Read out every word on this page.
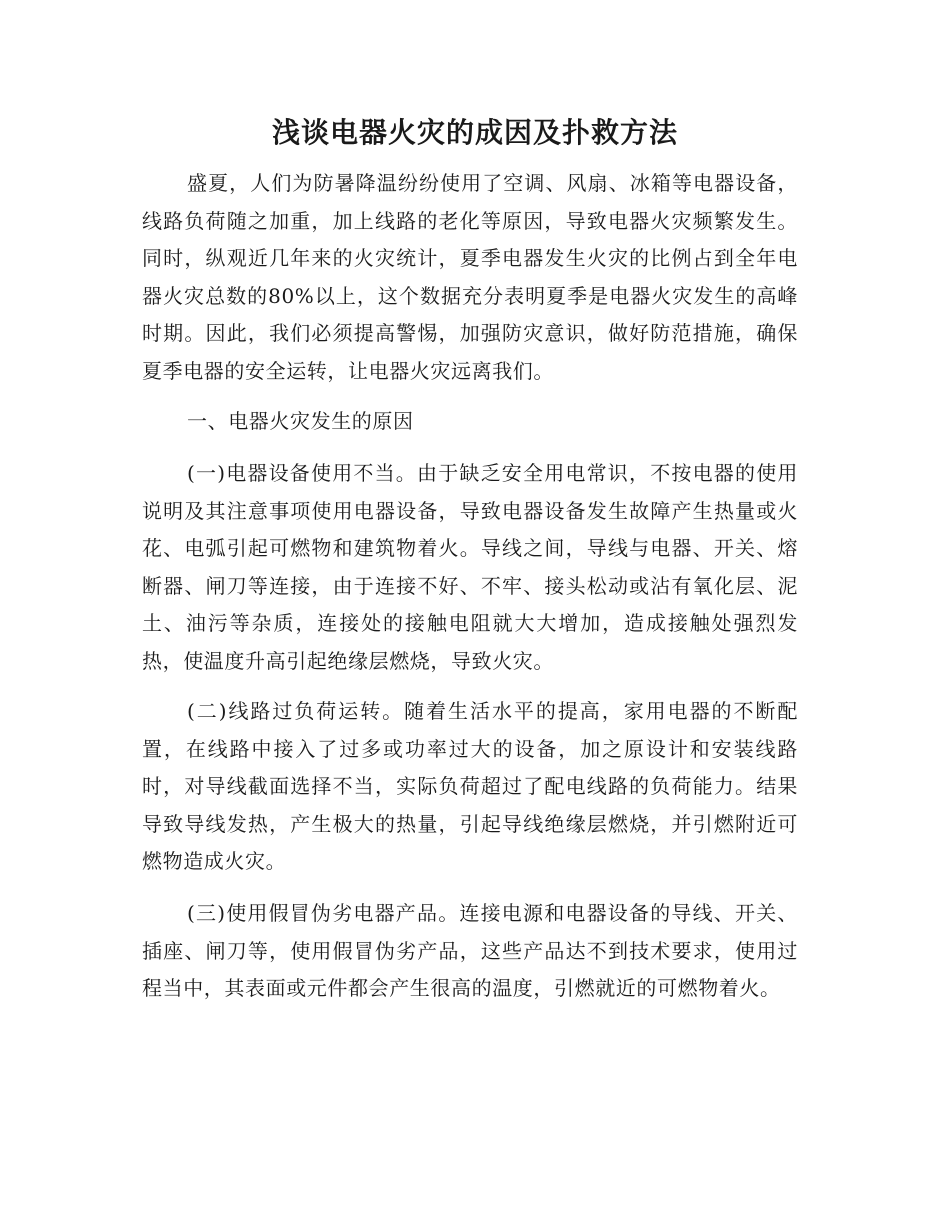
浅谈电器火灾的成因及扑救方法

盛夏，人们为防暑降温纷纷使用了空调、风扇、冰箱等电器设备，线路负荷随之加重，加上线路的老化等原因，导致电器火灾频繁发生。同时，纵观近几年来的火灾统计，夏季电器发生火灾的比例占到全年电器火灾总数的80%以上，这个数据充分表明夏季是电器火灾发生的高峰时期。因此，我们必须提高警惕，加强防灾意识，做好防范措施，确保夏季电器的安全运转，让电器火灾远离我们。

一、电器火灾发生的原因

(一)电器设备使用不当。由于缺乏安全用电常识，不按电器的使用说明及其注意事项使用电器设备，导致电器设备发生故障产生热量或火花、电弧引起可燃物和建筑物着火。导线之间，导线与电器、开关、熔断器、闸刀等连接，由于连接不好、不牢、接头松动或沾有氧化层、泥土、油污等杂质，连接处的接触电阻就大大增加，造成接触处强烈发热，使温度升高引起绝缘层燃烧，导致火灾。

(二)线路过负荷运转。随着生活水平的提高，家用电器的不断配置，在线路中接入了过多或功率过大的设备，加之原设计和安装线路时，对导线截面选择不当，实际负荷超过了配电线路的负荷能力。结果导致导线发热，产生极大的热量，引起导线绝缘层燃烧，并引燃附近可燃物造成火灾。

(三)使用假冒伪劣电器产品。连接电源和电器设备的导线、开关、插座、闸刀等，使用假冒伪劣产品，这些产品达不到技术要求，使用过程当中，其表面或元件都会产生很高的温度，引燃就近的可燃物着火。
